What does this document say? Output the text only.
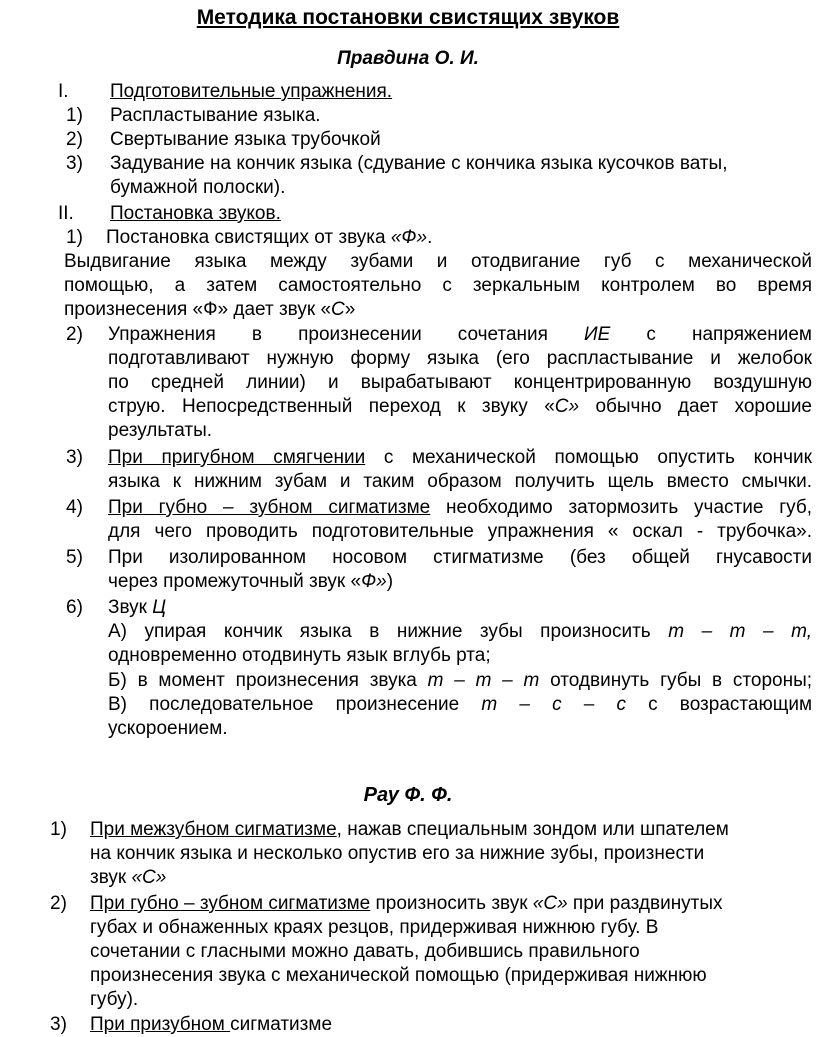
Методика постановки свистящих звуков
Правдина О. И.
I. Подготовительные упражнения.
1) Распластывание языка.
2) Свертывание языка трубочкой
3) Задувание на кончик языка (сдувание с кончика языка кусочков ваты,
бумажной полоски).
II. Постановка звуков.
1) Постановка свистящих от звука «Ф».
Выдвигание языка между зубами и отодвигание губ с механической
помощью, а затем самостоятельно с зеркальным контролем во время
произнесения «Ф» дает звук «С»
2) Упражнения в произнесении сочетания ИЕ с напряжением
подготавливают нужную форму языка (его распластывание и желобок
по средней линии) и вырабатывают концентрированную воздушную
струю. Непосредственный переход к звуку «С» обычно дает хорошие
результаты.
3) При пригубном смягчении с механической помощью опустить кончик
языка к нижним зубам и таким образом получить щель вместо смычки.
4) При губно – зубном сигматизме необходимо затормозить участие губ,
для чего проводить подготовительные упражнения « оскал - трубочка».
5) При изолированном носовом стигматизме (без общей гнусавости
через промежуточный звук «Ф»)
6) Звук Ц
А) упирая кончик языка в нижние зубы произносить т – т – т,
одновременно отодвинуть язык вглубь рта;
Б) в момент произнесения звука т – т – т отодвинуть губы в стороны;
В) последовательное произнесение т – с – с с возрастающим
ускороением.
Рау Ф. Ф.
1) При межзубном сигматизме, нажав специальным зондом или шпателем
на кончик языка и несколько опустив его за нижние зубы, произнести
звук «С»
2) При губно – зубном сигматизме произносить звук «С» при раздвинутых
губах и обнаженных краях резцов, придерживая нижнюю губу. В
сочетании с гласными можно давать, добившись правильного
произнесения звука с механической помощью (придерживая нижнюю
губу).
3) При призубном сигматизме
